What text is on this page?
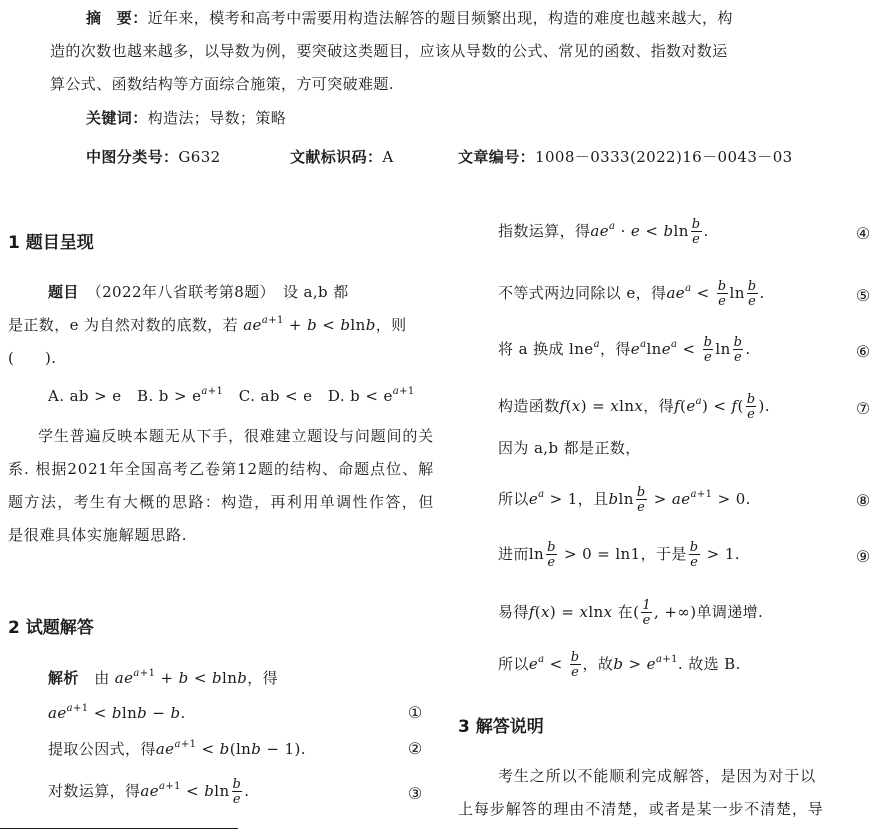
摘　要：近年来，模考和高考中需要用构造法解答的题目频繁出现，构造的难度也越来越大，构
造的次数也越来越多，以导数为例，要突破这类题目，应该从导数的公式、常见的函数、指数对数运
算公式、函数结构等方面综合施策，方可突破难题.
关键词：构造法；导数；策略
中图分类号：G632	文献标识码：A	文章编号：1008－0333(2022)16－0043－03
1 题目呈现
题目　 （2022年八省联考第8题）　 设 a,b 都
是正数，e 为自然对数的底数，若 $ae^{a+1} + b < blnb$，则
(　　).
A. ab > e B. $b > e^{a+1}$ C. ab < e D. $b < e^{a+1}$

学生普遍反映本题无从下手，很难建立题设与问题间的关系. 根据2021年全国高考乙卷第12题的结构、命题点位、解题方法，考生有大概的思路：构造，再利用单调性作答，但是很难具体实施解题思路.

2 试题解答
解析　 由 $ae^{a+1} + b < blnb$，得
$ae^{a+1} < blnb - b$.	①
提取公因式，得$ae^{a+1} < b(\ln b - 1)$.	②
对数运算，得$ae^{a+1} < bln \frac{b}{e}$ .	③
指数运算，得$ae^a \cdot e < bln \frac{b}{e}$ .	④
不等式两边同除以 e，得$ae^a < \frac{b}{e}$ $\ln \frac{b}{e}$ .	⑤
将 a 换成 lne$^a$，得$e^a\ln e^a < \frac{b}{e}$ $\ln \frac{b}{e}$ .	⑥
构造函数f(x) = xlnx，得$f(e^a) < f( \frac{b}{e}$ ).	⑦
因为 a,b 都是正数，
所以$e^a > 1$，且bln $\frac{b}{e} > ae^{a+1} > 0$.	⑧
进而$\ln \frac{b}{e} > 0 = \ln 1$，于是 $\frac{b}{e} > 1$.	⑨
易得f(x) = xlnx 在( $\frac{1}{e}$ , +∞)单调递增.
所以$e^a < \frac{b}{e}$ ，故$b > e^{a+1}$. 故选 B.
3 解答说明
考生之所以不能顺利完成解答，是因为对于以
上每步解答的理由不清楚，或者是某一步不清楚，导
